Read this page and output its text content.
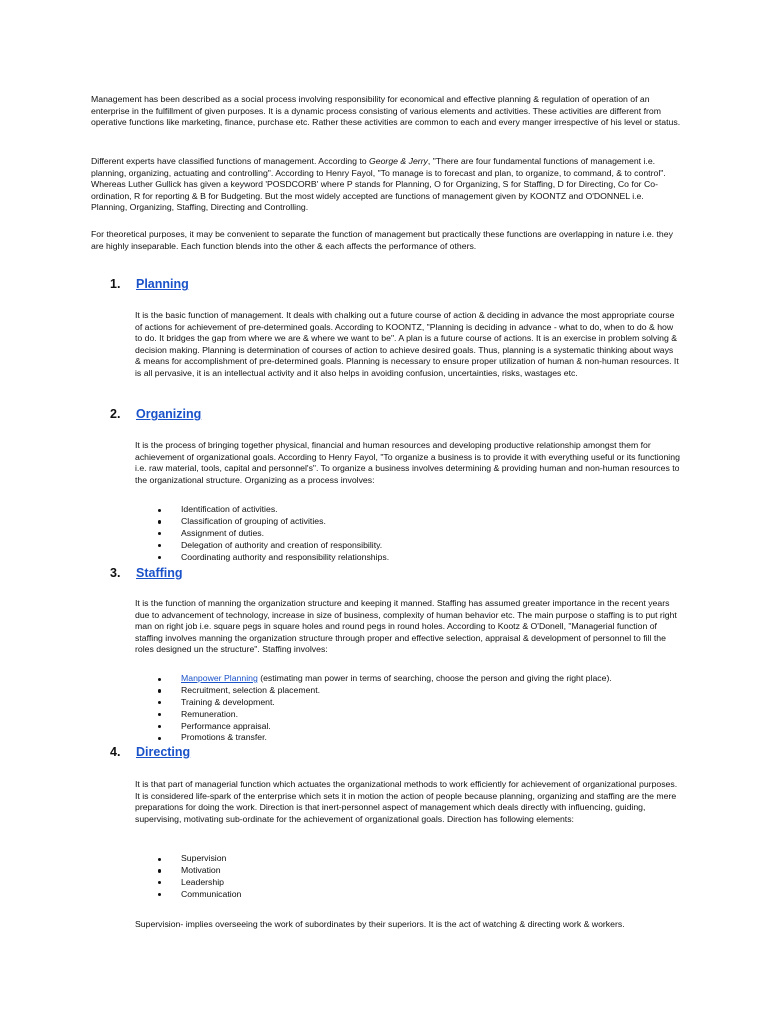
Management has been described as a social process involving responsibility for economical and effective planning & regulation of operation of an enterprise in the fulfillment of given purposes. It is a dynamic process consisting of various elements and activities. These activities are different from operative functions like marketing, finance, purchase etc. Rather these activities are common to each and every manger irrespective of his level or status.

Different experts have classified functions of management. According to George & Jerry, "There are four fundamental functions of management i.e. planning, organizing, actuating and controlling". According to Henry Fayol, "To manage is to forecast and plan, to organize, to command, & to control". Whereas Luther Gullick has given a keyword 'POSDCORB' where P stands for Planning, O for Organizing, S for Staffing, D for Directing, Co for Co-ordination, R for reporting & B for Budgeting. But the most widely accepted are functions of management given by KOONTZ and O'DONNEL i.e. Planning, Organizing, Staffing, Directing and Controlling.

For theoretical purposes, it may be convenient to separate the function of management but practically these functions are overlapping in nature i.e. they are highly inseparable. Each function blends into the other & each affects the performance of others.

1. Planning

It is the basic function of management. It deals with chalking out a future course of action & deciding in advance the most appropriate course of actions for achievement of pre-determined goals. According to KOONTZ, "Planning is deciding in advance - what to do, when to do & how to do. It bridges the gap from where we are & where we want to be". A plan is a future course of actions. It is an exercise in problem solving & decision making. Planning is determination of courses of action to achieve desired goals. Thus, planning is a systematic thinking about ways & means for accomplishment of pre-determined goals. Planning is necessary to ensure proper utilization of human & non-human resources. It is all pervasive, it is an intellectual activity and it also helps in avoiding confusion, uncertainties, risks, wastages etc.

2. Organizing

It is the process of bringing together physical, financial and human resources and developing productive relationship amongst them for achievement of organizational goals. According to Henry Fayol, "To organize a business is to provide it with everything useful or its functioning i.e. raw material, tools, capital and personnel's". To organize a business involves determining & providing human and non-human resources to the organizational structure. Organizing as a process involves:

Identification of activities.
Classification of grouping of activities.
Assignment of duties.
Delegation of authority and creation of responsibility.
Coordinating authority and responsibility relationships.
3. Staffing

It is the function of manning the organization structure and keeping it manned. Staffing has assumed greater importance in the recent years due to advancement of technology, increase in size of business, complexity of human behavior etc. The main purpose o staffing is to put right man on right job i.e. square pegs in square holes and round pegs in round holes. According to Kootz & O'Donell, "Managerial function of staffing involves manning the organization structure through proper and effective selection, appraisal & development of personnel to fill the roles designed un the structure". Staffing involves:

Manpower Planning (estimating man power in terms of searching, choose the person and giving the right place).
Recruitment, selection & placement.
Training & development.
Remuneration.
Performance appraisal.
Promotions & transfer.
4. Directing

It is that part of managerial function which actuates the organizational methods to work efficiently for achievement of organizational purposes. It is considered life-spark of the enterprise which sets it in motion the action of people because planning, organizing and staffing are the mere preparations for doing the work. Direction is that inert-personnel aspect of management which deals directly with influencing, guiding, supervising, motivating sub-ordinate for the achievement of organizational goals. Direction has following elements:

Supervision
Motivation
Leadership
Communication

Supervision- implies overseeing the work of subordinates by their superiors. It is the act of watching & directing work & workers.
